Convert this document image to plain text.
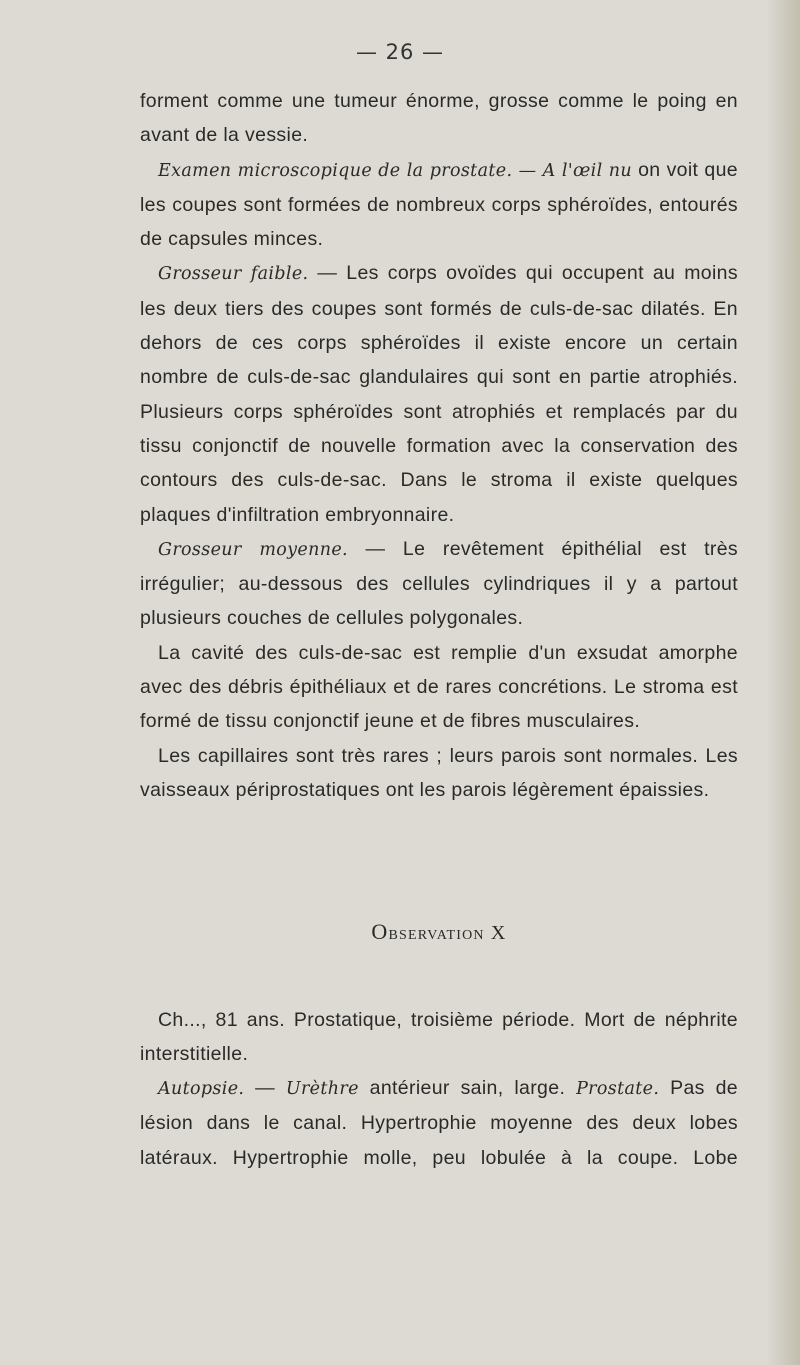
— 26 —

forment comme une tumeur énorme, grosse comme le poing en avant de la vessie.

Examen microscopique de la prostate. — A l'œil nu on voit que les coupes sont formées de nombreux corps sphéroïdes, entourés de capsules minces.

Grosseur faible. — Les corps ovoïdes qui occupent au moins les deux tiers des coupes sont formés de culs-de-sac dilatés. En dehors de ces corps sphéroïdes il existe encore un certain nombre de culs-de-sac glandulaires qui sont en partie atrophiés. Plusieurs corps sphéroïdes sont atrophiés et remplacés par du tissu conjonctif de nouvelle formation avec la conservation des contours des culs-de-sac. Dans le stroma il existe quelques plaques d'infiltration embryonnaire.

Grosseur moyenne. — Le revêtement épithélial est très irrégulier; au-dessous des cellules cylindriques il y a partout plusieurs couches de cellules polygonales.

La cavité des culs-de-sac est remplie d'un exsudat amorphe avec des débris épithéliaux et de rares concrétions. Le stroma est formé de tissu conjonctif jeune et de fibres musculaires.

Les capillaires sont très rares ; leurs parois sont normales. Les vaisseaux périprostatiques ont les parois légèrement épaissies.

Observation X

Ch..., 81 ans. Prostatique, troisième période. Mort de néphrite interstitielle.

Autopsie. — Urèthre antérieur sain, large. Prostate. Pas de lésion dans le canal. Hypertrophie moyenne des deux lobes latéraux. Hypertrophie molle, peu lobulée à la coupe. Lobe
